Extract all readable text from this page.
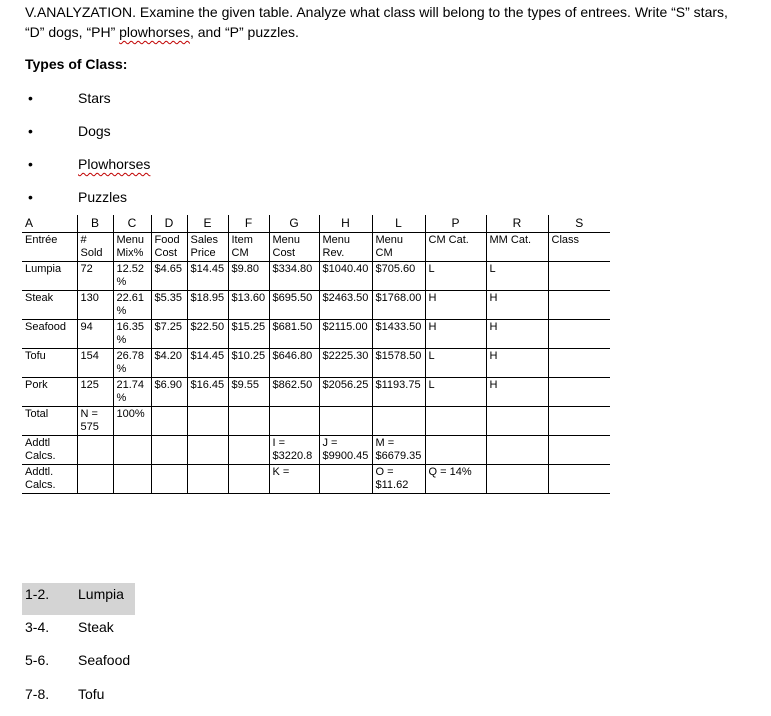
V.ANALYZATION. Examine the given table. Analyze what class will belong to the types of entrees. Write “S” stars, “D” dogs, “PH” plowhorses, and “P” puzzles.
Types of Class:
•	Stars
•	Dogs
•	Plowhorses
•	Puzzles
A	B	C	D	E	F	G	H	L	P	R	S
Entrée	# Sold	Menu Mix%	Food Cost	Sales Price	Item CM	Menu Cost	Menu Rev.	Menu CM	CM Cat.	MM Cat.	Class
Lumpia	72	12.52 %	$4.65	$14.45	$9.80	$334.80	$1040.40	$705.60	L	L	
Steak	130	22.61 %	$5.35	$18.95	$13.60	$695.50	$2463.50	$1768.00	H	H	
Seafood	94	16.35 %	$7.25	$22.50	$15.25	$681.50	$2115.00	$1433.50	H	H	
Tofu	154	26.78 %	$4.20	$14.45	$10.25	$646.80	$2225.30	$1578.50	L	H	
Pork	125	21.74 %	$6.90	$16.45	$9.55	$862.50	$2056.25	$1193.75	L	H	
Total	N = 575	100%									
Addtl Calcs.						I = $3220.8	J = $9900.45	M = $6679.35			
Addtl. Calcs.						K =		O = $11.62	Q = 14%		
1-2. Lumpia
3-4. Steak
5-6. Seafood
7-8. Tofu
